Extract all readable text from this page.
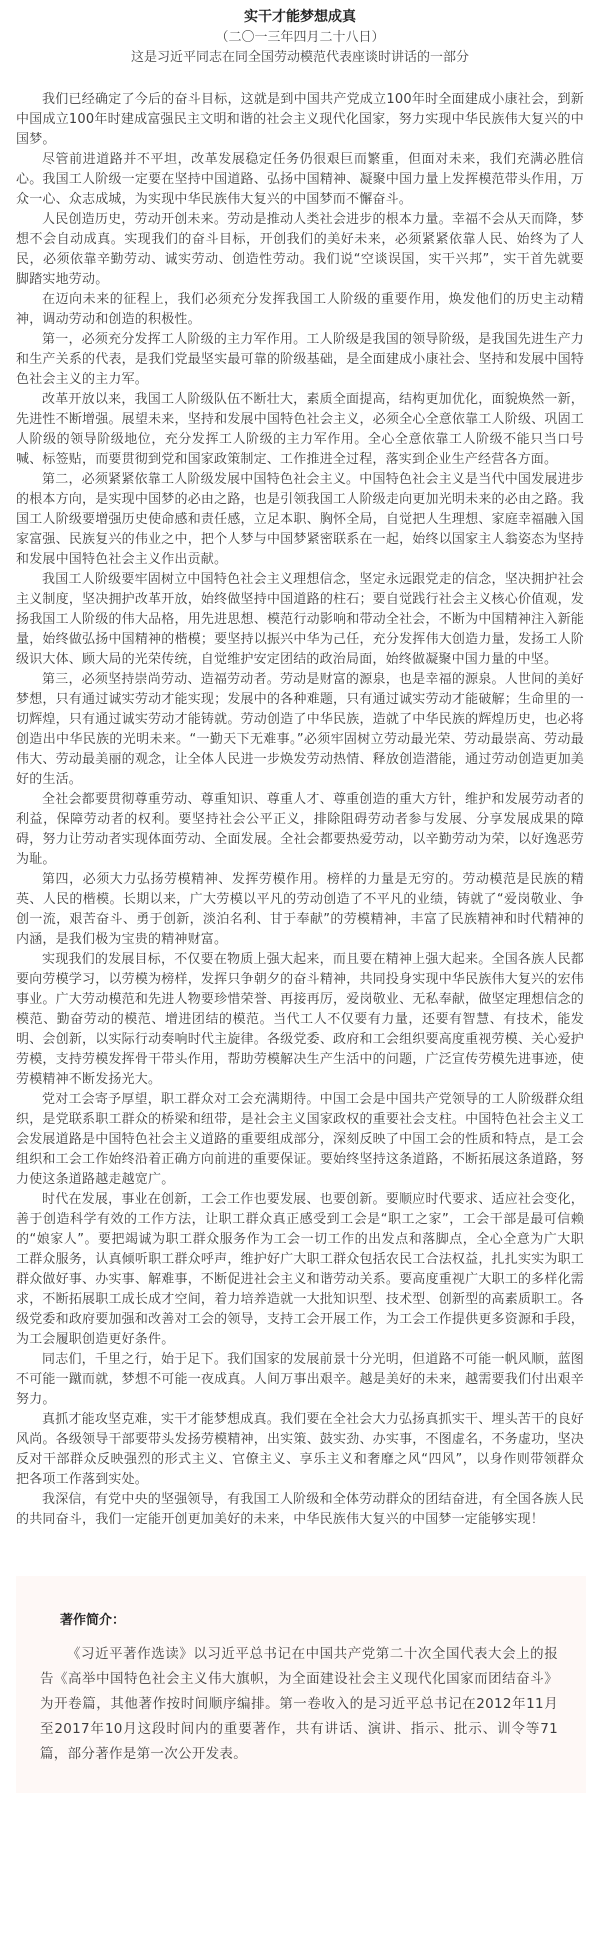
实干才能梦想成真

（二〇一三年四月二十八日）

这是习近平同志在同全国劳动模范代表座谈时讲话的一部分

我们已经确定了今后的奋斗目标，这就是到中国共产党成立100年时全面建成小康社会，到新中国成立100年时建成富强民主文明和谐的社会主义现代化国家，努力实现中华民族伟大复兴的中国梦。

尽管前进道路并不平坦，改革发展稳定任务仍很艰巨而繁重，但面对未来，我们充满必胜信心。我国工人阶级一定要在坚持中国道路、弘扬中国精神、凝聚中国力量上发挥模范带头作用，万众一心、众志成城，为实现中华民族伟大复兴的中国梦而不懈奋斗。

人民创造历史，劳动开创未来。劳动是推动人类社会进步的根本力量。幸福不会从天而降，梦想不会自动成真。实现我们的奋斗目标，开创我们的美好未来，必须紧紧依靠人民、始终为了人民，必须依靠辛勤劳动、诚实劳动、创造性劳动。我们说“空谈误国，实干兴邦”，实干首先就要脚踏实地劳动。

在迈向未来的征程上，我们必须充分发挥我国工人阶级的重要作用，焕发他们的历史主动精神，调动劳动和创造的积极性。

第一，必须充分发挥工人阶级的主力军作用。工人阶级是我国的领导阶级，是我国先进生产力和生产关系的代表，是我们党最坚实最可靠的阶级基础，是全面建成小康社会、坚持和发展中国特色社会主义的主力军。

改革开放以来，我国工人阶级队伍不断壮大，素质全面提高，结构更加优化，面貌焕然一新，先进性不断增强。展望未来，坚持和发展中国特色社会主义，必须全心全意依靠工人阶级、巩固工人阶级的领导阶级地位，充分发挥工人阶级的主力军作用。全心全意依靠工人阶级不能只当口号喊、标签贴，而要贯彻到党和国家政策制定、工作推进全过程，落实到企业生产经营各方面。

第二，必须紧紧依靠工人阶级发展中国特色社会主义。中国特色社会主义是当代中国发展进步的根本方向，是实现中国梦的必由之路，也是引领我国工人阶级走向更加光明未来的必由之路。我国工人阶级要增强历史使命感和责任感，立足本职、胸怀全局，自觉把人生理想、家庭幸福融入国家富强、民族复兴的伟业之中，把个人梦与中国梦紧密联系在一起，始终以国家主人翁姿态为坚持和发展中国特色社会主义作出贡献。

我国工人阶级要牢固树立中国特色社会主义理想信念，坚定永远跟党走的信念，坚决拥护社会主义制度，坚决拥护改革开放，始终做坚持中国道路的柱石；要自觉践行社会主义核心价值观，发扬我国工人阶级的伟大品格，用先进思想、模范行动影响和带动全社会，不断为中国精神注入新能量，始终做弘扬中国精神的楷模；要坚持以振兴中华为己任，充分发挥伟大创造力量，发扬工人阶级识大体、顾大局的光荣传统，自觉维护安定团结的政治局面，始终做凝聚中国力量的中坚。

第三，必须坚持崇尚劳动、造福劳动者。劳动是财富的源泉，也是幸福的源泉。人世间的美好梦想，只有通过诚实劳动才能实现；发展中的各种难题，只有通过诚实劳动才能破解；生命里的一切辉煌，只有通过诚实劳动才能铸就。劳动创造了中华民族，造就了中华民族的辉煌历史，也必将创造出中华民族的光明未来。“一勤天下无难事。”必须牢固树立劳动最光荣、劳动最崇高、劳动最伟大、劳动最美丽的观念，让全体人民进一步焕发劳动热情、释放创造潜能，通过劳动创造更加美好的生活。

全社会都要贯彻尊重劳动、尊重知识、尊重人才、尊重创造的重大方针，维护和发展劳动者的利益，保障劳动者的权利。要坚持社会公平正义，排除阻碍劳动者参与发展、分享发展成果的障碍，努力让劳动者实现体面劳动、全面发展。全社会都要热爱劳动，以辛勤劳动为荣，以好逸恶劳为耻。

第四，必须大力弘扬劳模精神、发挥劳模作用。榜样的力量是无穷的。劳动模范是民族的精英、人民的楷模。长期以来，广大劳模以平凡的劳动创造了不平凡的业绩，铸就了“爱岗敬业、争创一流，艰苦奋斗、勇于创新，淡泊名利、甘于奉献”的劳模精神，丰富了民族精神和时代精神的内涵，是我们极为宝贵的精神财富。

实现我们的发展目标，不仅要在物质上强大起来，而且要在精神上强大起来。全国各族人民都要向劳模学习，以劳模为榜样，发挥只争朝夕的奋斗精神，共同投身实现中华民族伟大复兴的宏伟事业。广大劳动模范和先进人物要珍惜荣誉、再接再厉，爱岗敬业、无私奉献，做坚定理想信念的模范、勤奋劳动的模范、增进团结的模范。当代工人不仅要有力量，还要有智慧、有技术，能发明、会创新，以实际行动奏响时代主旋律。各级党委、政府和工会组织要高度重视劳模、关心爱护劳模，支持劳模发挥骨干带头作用，帮助劳模解决生产生活中的问题，广泛宣传劳模先进事迹，使劳模精神不断发扬光大。

党对工会寄予厚望，职工群众对工会充满期待。中国工会是中国共产党领导的工人阶级群众组织，是党联系职工群众的桥梁和纽带，是社会主义国家政权的重要社会支柱。中国特色社会主义工会发展道路是中国特色社会主义道路的重要组成部分，深刻反映了中国工会的性质和特点，是工会组织和工会工作始终沿着正确方向前进的重要保证。要始终坚持这条道路，不断拓展这条道路，努力使这条道路越走越宽广。

时代在发展，事业在创新，工会工作也要发展、也要创新。要顺应时代要求、适应社会变化，善于创造科学有效的工作方法，让职工群众真正感受到工会是“职工之家”，工会干部是最可信赖的“娘家人”。要把竭诚为职工群众服务作为工会一切工作的出发点和落脚点，全心全意为广大职工群众服务，认真倾听职工群众呼声，维护好广大职工群众包括农民工合法权益，扎扎实实为职工群众做好事、办实事、解难事，不断促进社会主义和谐劳动关系。要高度重视广大职工的多样化需求，不断拓展职工成长成才空间，着力培养造就一大批知识型、技术型、创新型的高素质职工。各级党委和政府要加强和改善对工会的领导，支持工会开展工作，为工会工作提供更多资源和手段，为工会履职创造更好条件。

同志们，千里之行，始于足下。我们国家的发展前景十分光明，但道路不可能一帆风顺，蓝图不可能一蹴而就，梦想不可能一夜成真。人间万事出艰辛。越是美好的未来，越需要我们付出艰辛努力。

真抓才能攻坚克难，实干才能梦想成真。我们要在全社会大力弘扬真抓实干、埋头苦干的良好风尚。各级领导干部要带头发扬劳模精神，出实策、鼓实劲、办实事，不图虚名，不务虚功，坚决反对干部群众反映强烈的形式主义、官僚主义、享乐主义和奢靡之风“四风”，以身作则带领群众把各项工作落到实处。

我深信，有党中央的坚强领导，有我国工人阶级和全体劳动群众的团结奋进，有全国各族人民的共同奋斗，我们一定能开创更加美好的未来，中华民族伟大复兴的中国梦一定能够实现！

著作简介：

《习近平著作选读》以习近平总书记在中国共产党第二十次全国代表大会上的报告《高举中国特色社会主义伟大旗帜，为全面建设社会主义现代化国家而团结奋斗》为开卷篇，其他著作按时间顺序编排。第一卷收入的是习近平总书记在2012年11月至2017年10月这段时间内的重要著作，共有讲话、演讲、指示、批示、训令等71篇，部分著作是第一次公开发表。
